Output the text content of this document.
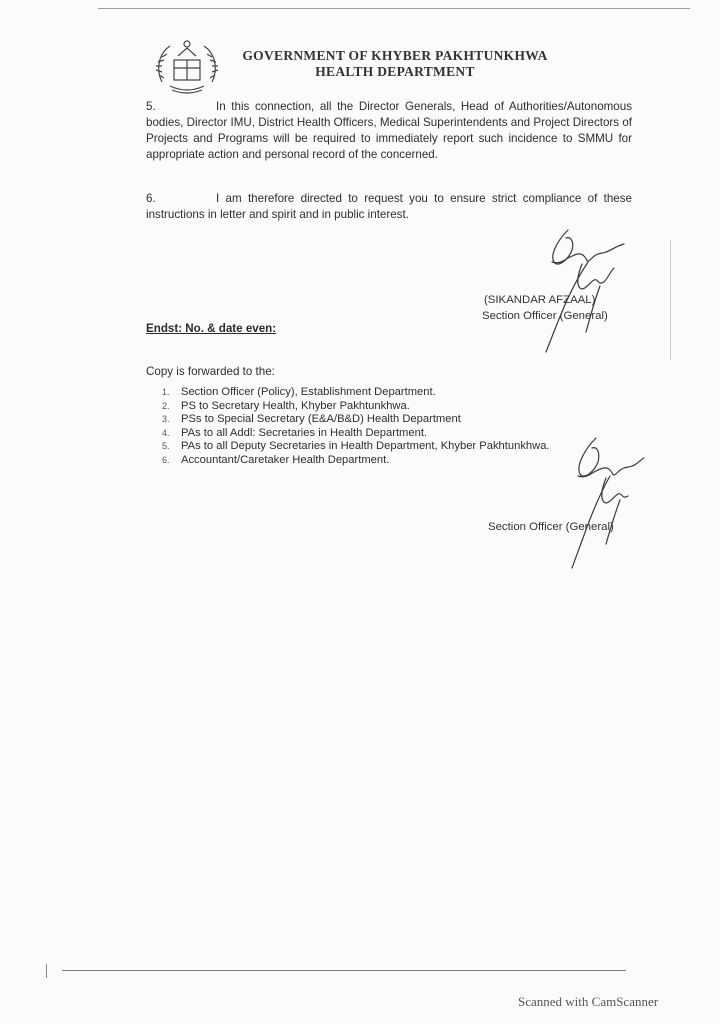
GOVERNMENT OF KHYBER PAKHTUNKHWA
HEALTH DEPARTMENT
5.	In this connection, all the Director Generals, Head of Authorities/Autonomous bodies, Director IMU, District Health Officers, Medical Superintendents and Project Directors of Projects and Programs will be required to immediately report such incidence to SMMU for appropriate action and personal record of the concerned.
6.	I am therefore directed to request you to ensure strict compliance of these instructions in letter and spirit and in public interest.
(SIKANDAR AFZAAL)
Section Officer (General)
Endst: No. & date even:
Copy is forwarded to the:
1. Section Officer (Policy), Establishment Department.
2. PS to Secretary Health, Khyber Pakhtunkhwa.
3. PSs to Special Secretary (E&A/B&D) Health Department
4. PAs to all Addl: Secretaries in Health Department.
5. PAs to all Deputy Secretaries in Health Department, Khyber Pakhtunkhwa.
6. Accountant/Caretaker Health Department.
Section Officer (General)
Scanned with CamScanner
